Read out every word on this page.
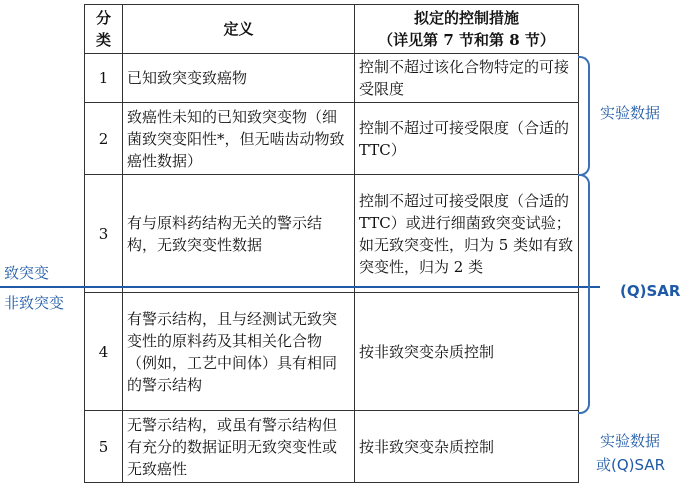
分类	定义	拟定的控制措施
（详见第 7 节和第 8 节）

1	已知致突变致癌物	控制不超过该化合物特定的可接受限度
2	致癌性未知的已知致突变物（细菌致突变阳性*，但无啮齿动物致癌性数据）	控制不超过可接受限度（合适的 TTC）
3	有与原料药结构无关的警示结构，无致突变性数据	控制不超过可接受限度（合适的 TTC）或进行细菌致突变试验；如无致突变性，归为 5 类如有致突变性，归为 2 类
4	有警示结构，且与经测试无致突变性的原料药及其相关化合物（例如，工艺中间体）具有相同的警示结构	按非致突变杂质控制
5	无警示结构，或虽有警示结构但有充分的数据证明无致突变性或无致癌性	按非致突变杂质控制
致突变
非致突变
实验数据
(Q)SAR
实验数据
或(Q)SAR
